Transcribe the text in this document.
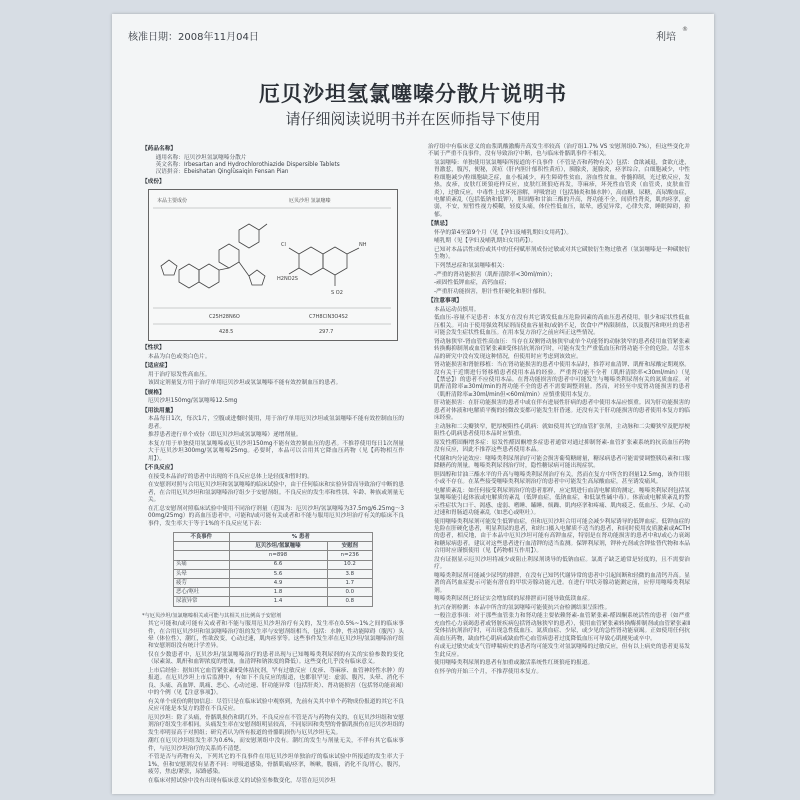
核准日期：2008年11月04日	利培
®
厄贝沙坦氢氯噻嗪分散片说明书
请仔细阅读说明书并在医师指导下使用

【药品名称】

通用名称： 厄贝沙坦氢氯噻嗪分散片
英文名称： Irbesartan and Hydrochlorothiazide Dispersible Tablets
汉语拼音： Ebeishatan Qinglüsaiqin Fensan Pian

【成份】

本品主要成份	厄贝沙坦 氢氯噻嗪
Cl
H2NO2S
NH
S O2
C25H28N6O	C7H8ClN3O4S2
428.5	297.7

【性状】

本品为白色或类白色片。

【适应症】

用于治疗原发性高血压。

该固定剂量复方用于治疗单用厄贝沙坦或氢氯噻嗪不能有效控制血压的患者。

【规格】

厄贝沙坦150mg/氢氯噻嗪12.5mg

【用法用量】

本品每日1次，每次1片，空腹或进餐时使用，用于治疗单用厄贝沙坦或氢氯噻嗪不能有效控制血压的患者。

推荐患者进行单个成份（即厄贝沙坦或氢氯噻嗪）递增剂量。

本复方用于单独使用氢氯噻嗪或厄贝沙坦150mg不能有效控制血压的患者。不推荐使用每日1次剂量大于厄贝沙坦300mg/氢氯噻嗪25mg。必要时，本品可以合用其它降血压药物（见【药物相互作用】）。

【不良反应】

在接受本品治疗的患者中出现的不良反应总体上是轻度和暂时的。

在安慰剂对照与合用厄贝沙坦和氢氯噻嗪的临床试验中，由于任何临床和实验异常而导致治疗中断的患者，在合用厄贝沙坦和氢氯噻嗪治疗组少于安慰剂组。不良反应的发生率和性别、年龄、种族或剂量无关。

在汇总安慰剂对照临床试验中使用不同治疗剂量（范围为：厄贝沙坦/氢氯噻嗪为37.5mg/6.25mg～300mg/25mg）的高血压患者中，可能和/或可能有关或者和不能与服用厄贝沙坦治疗有关的临床不良事件，发生率大于等于1%的不良反应见下表：

不良事件	% 患者	
	厄贝沙坦/氢氯噻嗪	安慰剂
	n=898	n=236
头痛	6.6	10.2
头晕	5.6	3.8
疲劳	4.9	1.7
恶心/呕吐	1.8	0.0
尿液异常	1.4	0.8

*与厄贝沙坦/氢氯噻嗪相关或可能与其相关且比例高于安慰剂

其它可能和/或可能有关或者和不能与服用厄贝沙坦治疗有关的，发生率在0.5%~1%之间的临床事件，在合用厄贝沙坦和氢氯噻嗪治疗组的发生率与安慰剂组相当，包括：水肿，性功能障碍（腹泻）头晕（体位性），潮红，性欲改变，心动过速，肌肉痉挛等。这些事件发生率在厄贝沙坦/氢氯噻嗪治疗组和安慰剂组没有统计学差异。

仅在少数患者中，厄贝沙坦/氢氯噻嗪治疗的患者出现与已知噻嗪类利尿剂的有关的实验参数的变化（尿素氮、肌酐和血钾浓度的增加，血清钾和钠浓度的降低）。这些变化几乎没有临床意义。

上市后经验：据知其它血管紧张素Ⅱ受体拮抗剂，罕有过敏反应（皮疹、荨麻疹、血管神经性水肿）的报道。在厄贝沙坦上市后监测中，有如下不良反应的报道，也都很罕见：虚弱、腹泻、头晕、消化不良、头痛、高血钾、肌痛、恶心、心动过速、肝功能异常（包括肝炎）、肾功能损害（包括肾功能衰竭）中的个例（见【注意事项】）。

有关单个成份的附加信息：尽管只是在临床试验中观察到，先前有关其中单个药物成份报道的其它不良反应可能是本复方的潜在不良反应。

厄贝沙坦：除了头痛，骨骼肌损伤和肌红外，不良反应在不管是否与药物有关的，在厄贝沙坦组和安慰剂治疗组发生率相同。头痛发生率在安慰剂组明显较高，不同原因和类型的骨骼肌损伤在厄贝沙坦组的发生率明显高于对照组；研究者认为所有报道的骨骼肌损伤与厄贝沙坦无关。

潮红在厄贝沙坦组发生率为0.6%，而安慰剂组中没有。潮红的发生与剂量无关，不伴有其它临床事件，与厄贝沙坦治疗的关系尚不清楚。

不管是否与药物有关，下列其它的不良事件在用厄贝沙坦单独治疗的临床试验中所报道的发生率大于1%，但和安慰剂没有显著不同：呼吸道感染，骨骼肌痛/痉挛，咳嗽，腹痛，消化不良/胃心，腹泻，疲劳，焦虑/紧张，尿路感染。

在临床对照试验中没有出现有临床意义的试验室参数变化，尽管在厄贝沙坦

治疗组中有临床意义的血浆肌酸激酶升高发生率较高（治疗组1.7% VS 安慰剂组0.7%），但这些变化并不属于严重不良事件，没有导致治疗中断，也与临床骨骼肌事件不相关。

氢氯噻嗪：单独使用氢氯噻嗪所报道的不良事件（不管是否和药物有关）包括：食欲减退，食欲亢进，胃激惹，腹泻，便秘，黄疸（肝内胆汁郁积性黄疸），胰腺炎，涎腺炎，痉挛综合，白细胞减少，中性粒细胞减少/粒细胞缺乏症，血小板减少，再生障碍性贫血，溶血性贫血，骨髓抑制，光过敏反应，发热，皮疹，皮肤红斑狼疮样反应，皮肤红斑狼疮再发，荨麻疹，坏死性血管炎（血管炎，皮肤血管炎），过敏反应，中毒性上皮坏死溶解，呼吸窘迫（包括肺炎和肺水肿），高血糖，尿糖，高尿酸血症，电解质紊乱（包括低钠和低钾），胆固醇和甘油三酯的升高，肾功能不全，间质性肾炎，肌肉痉挛，虚弱，不安，短暂性视力模糊，轻度头痛，体位性低血压，眩晕，感觉异常，心律失常，睡眠障碍，抑郁。

【禁忌】

怀孕的第4至第9个月（见【孕妇及哺乳期妇女用药】）。

哺乳期（见【孕妇及哺乳期妇女用药】）。

已知对本品活性成份或其中的任何赋形剂成份过敏或对其它磺胺衍生物过敏者（氢氯噻嗪是一种磺胺衍生物）。

下列禁忌症和氢氯噻嗪相关：

-严重的肾功能损害（肌酐清除率<30ml/min）；

-顽固性低钾血症，高钙血症；

-严重肝功能损害，胆汁性肝硬化和胆汁郁积。

【注意事项】

本品运动员慎用。

低血压-容量不足患者：本复方在没有其它诱发低血压危险因素的高血压患者使用，很少和症状性低血压相关。可由于使用强效利尿剂而使血容量和/或钠不足，饮食中严格限制盐，以及腹泻和呕吐的患者可能会发生症状性低血压。在用本复方治疗之前应纠正这些情况。

肾动脉狭窄-肾血管性高血压：当存在双侧肾动脉狭窄或单个功能肾的动脉狭窄的患者使用血管紧张素转换酶抑制剂或血管紧张素Ⅱ受体拮抗剂治疗时，可能有发生严重低血压和肾功能不全的危险。尽管本品的研究中没有发现这种情况，但使用时应考虑到该效应。

肾功能损害和肾脏移植：当在肾功能损害的患者中使用本品时，推荐对血清钾、肌酐和尿酸定期观察。没有关于近期进行肾移植患者使用本品的经验。严重肾功能不全者（肌酐清除率<30ml/min）（见【禁忌】）的患者不应使用本品。在肾功能损害的患者中可能发生与噻嗪类利尿剂有关的氮质血症。对肌酐清除率≥30ml/min的肾功能不全的患者不需要调整剂量。然而，对轻至中度肾功能损害的患者（肌酐清除率≥30ml/min但<60ml/min）应慎重使用本复方。

肝功能损害：在肝功能损害的患者中或在伴有进展性肝病的患者中使用本品应慎重。因为肝功能损害的患者对体液和电解质平衡的轻微改变都可能发生肝昏迷。还没有关于肝功能损害的患者使用本复方的临床经验。

主动脉和二尖瓣狭窄，肥厚梗阻性心肌病：就如使用其它的血管扩张剂，主动脉和二尖瓣狭窄及肥厚梗阻性心肌病患者使用本品时应慎重。

原发性醛固酮增多症：原发性醛固酮增多症患者通常对通过抑制肾素-血管扩张素系统的抗高血压药物没有反应，因此不推荐这些患者使用本品。

代谢和内分泌效应：噻嗪类利尿剂治疗可能会损害葡萄糖耐量，糖尿病患者可能需要调整胰岛素和口服降糖药的剂量。噻嗪类利尿剂治疗时，隐性糖尿病可能出现症状。

胆固醇和甘油三酯水平的升高与噻嗪类利尿剂治疗有关，然而在复方中所含的剂量12.5mg，该作用很小或不存在。在某些接受噻嗪类利尿剂治疗的患者中可能发生高尿酸血症，甚至诱发痛风。

电解质紊乱：如任何接受利尿剂治疗的患者那样，应定期进行血清电解质的测定。噻嗪类利尿剂包括氢氯噻嗪能引起体液或电解质的紊乱（低钾血症，低钠血症，和低氯性碱中毒）。体液或电解质紊乱的警示性症状为口干、渴感、虚弱、嗜睡、瞌睡、烦躁、肌肉痉挛和疼痛、肌肉疲乏、低血压、少尿、心动过速和胃肠道功能紊乱（如恶心或呕吐）。

使用噻嗪类利尿剂可能发生低钾血症，但和厄贝沙坦合用可能会减少利尿诱导的低钾血症。低钾血症的危险在肝硬化患者，明显利尿的患者，和经口摄入电解质不适当的患者，和同时使用皮质激素或ACTH的患者，相反地，由于本品中厄贝沙坦可能有高钾血症，特别是在肾功能损害的患者中和/或心力衰竭和糖尿病患者。建议对这些患者进行血清钾的适当监测。保钾利尿剂，钾补充剂或含钾盐替代物和本品合用时应谨慎使用（见【药物相互作用】）。

没有证据显示厄贝沙坦将减少或阻止利尿剂诱导的低钠血症。氯离子缺乏通常是轻度的，且不需要治疗。

噻嗪类利尿剂可能减少尿钙的排泄，在没有已知钙代谢异常的患者中引起间断和轻微的血清钙升高。显著的高钙血症提示可能有潜在的甲状旁腺功能亢进。在进行甲状旁腺功能测定前，应停用噻嗪类利尿剂。

噻嗪类利尿剂已经证实会增加镁的尿排泄而可能导致低镁血症。

抗兴奋剂检测：本品中所含的氢氯噻嗪可能使抗兴奋检测结果呈阳性。

一般注意事项：对于那些血管张力和肾功能主要依赖肾素-血管紧张素-醛固酮系统活性的患者（如严重充血性心力衰竭患者或肾脏疾病包括肾动脉狭窄的患者），使用血管紧张素转换酶抑制剂或血管紧张素Ⅱ受体拮抗剂治疗时，可出现急性低血压、氮质血症、少尿，或少见的急性肾功能衰竭。正如使用任何抗高血压药物，缺血性心肌病或缺血性心血管病患者过度降低血压可导致心肌梗死或卒中。

有或无过敏史或支气管哮喘病史的患者均可能发生对氢氯噻嗪的过敏反应，但有以上病史的患者更易发生此反应。

使用噻嗪类利尿剂的患者有加重或激活系统性红斑狼疮的报道。

在怀孕的开始三个月，不推荐使用本复方。
